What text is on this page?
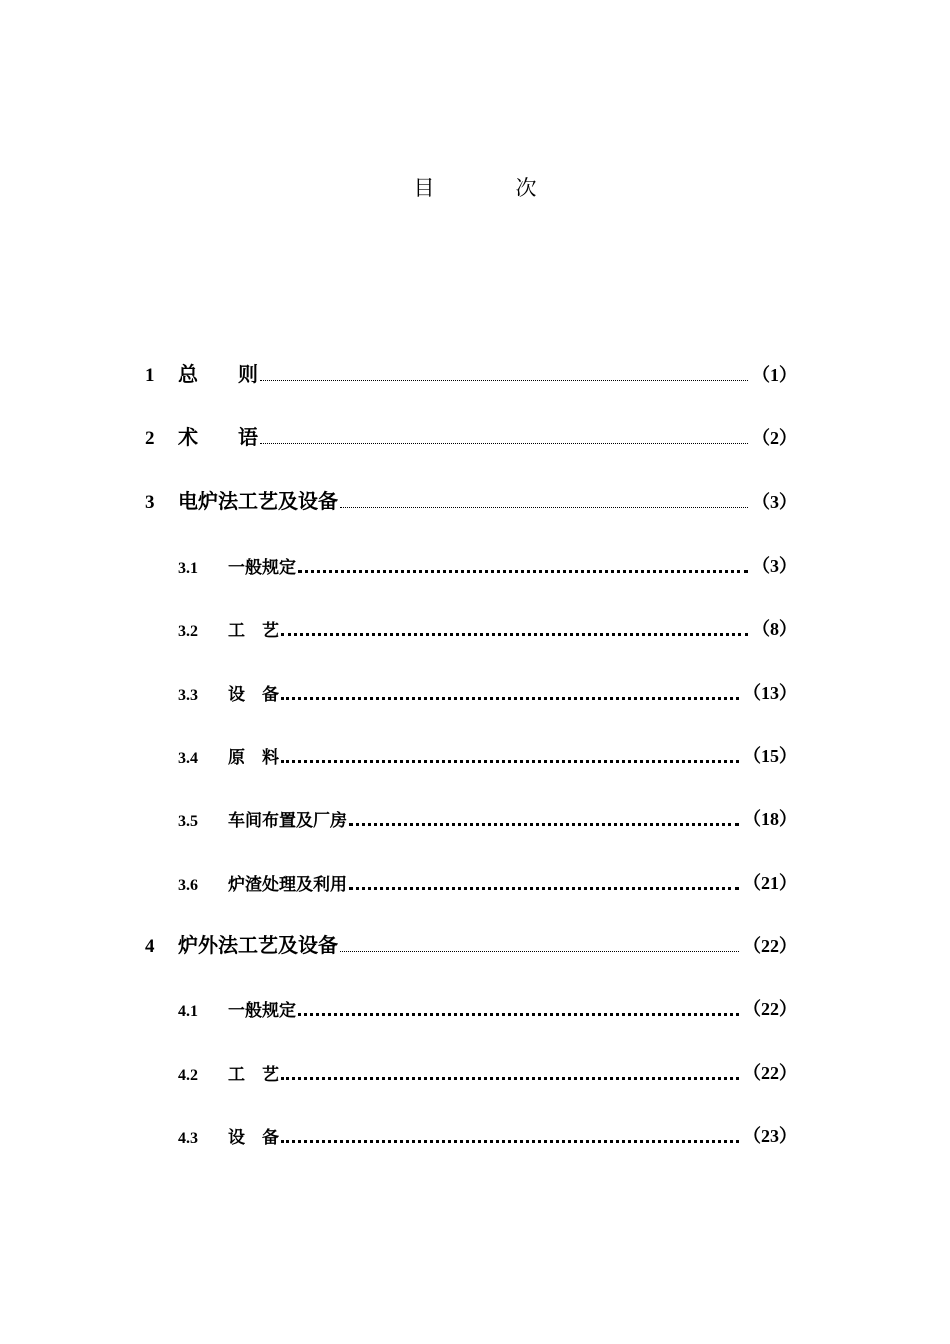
目　次
1	总　　则	（1）
2	术　　语	（2）
3	电炉法工艺及设备	（3）
3.1	一般规定	（3）
3.2	工　艺	（8）
3.3	设　备	（13）
3.4	原　料	（15）
3.5	车间布置及厂房	（18）
3.6	炉渣处理及利用	（21）
4	炉外法工艺及设备	（22）
4.1	一般规定	（22）
4.2	工　艺	（22）
4.3	设　备	（23）
